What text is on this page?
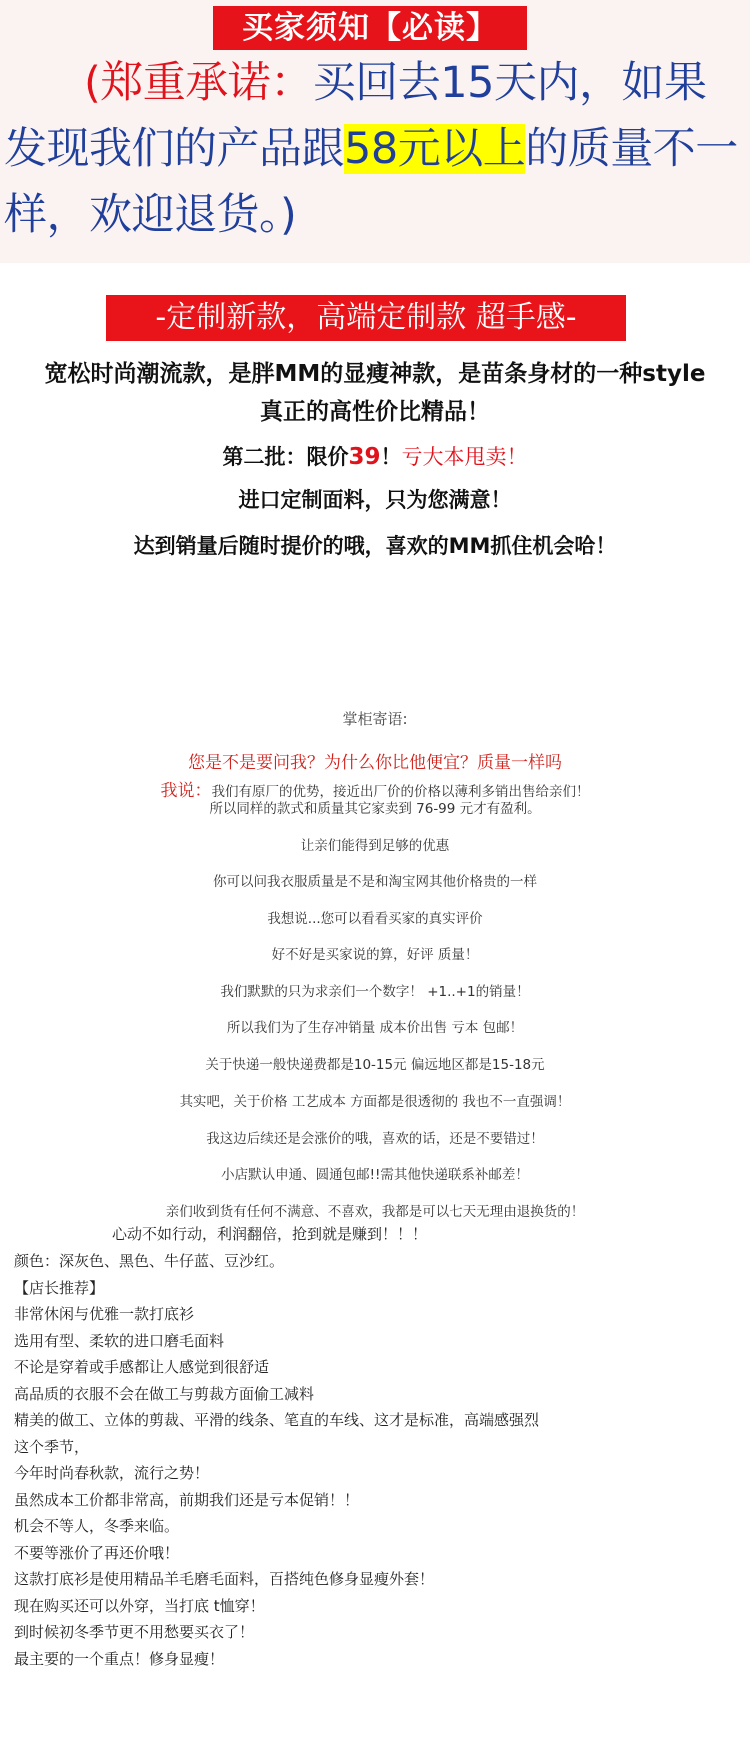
买家须知【必读】
(郑重承诺：买回去15天内，如果发现我们的产品跟58元以上的质量不一样，欢迎退货。)
-定制新款，高端定制款 超手感-
宽松时尚潮流款，是胖MM的显瘦神款，是苗条身材的一种style
真正的高性价比精品！
第二批：限价39！亏大本甩卖！
进口定制面料，只为您满意！
达到销量后随时提价的哦，喜欢的MM抓住机会哈！
掌柜寄语:
您是不是要问我？为什么你比他便宜？质量一样吗
我说：我们有原厂的优势，接近出厂价的价格以薄利多销出售给亲们！
所以同样的款式和质量其它家卖到 76-99 元才有盈利。
让亲们能得到足够的优惠
你可以问我衣服质量是不是和淘宝网其他价格贵的一样
我想说...您可以看看买家的真实评价
好不好是买家说的算，好评 质量！
我们默默的只为求亲们一个数字！ +1..+1的销量！
所以我们为了生存冲销量 成本价出售 亏本 包邮！
关于快递一般快递费都是10-15元 偏远地区都是15-18元
其实吧，关于价格 工艺成本 方面都是很透彻的 我也不一直强调！
我这边后续还是会涨价的哦，喜欢的话，还是不要错过！
小店默认申通、圆通包邮!!需其他快递联系补邮差！
亲们收到货有任何不满意、不喜欢，我都是可以七天无理由退换货的！
心动不如行动，利润翻倍，抢到就是赚到！！！
颜色：深灰色、黑色、牛仔蓝、豆沙红。
【店长推荐】
非常休闲与优雅一款打底衫
选用有型、柔软的进口磨毛面料
不论是穿着或手感都让人感觉到很舒适
高品质的衣服不会在做工与剪裁方面偷工减料
精美的做工、立体的剪裁、平滑的线条、笔直的车线、这才是标准，高端感强烈
这个季节，
今年时尚春秋款，流行之势！
虽然成本工价都非常高，前期我们还是亏本促销！！
机会不等人，冬季来临。
不要等涨价了再还价哦！
这款打底衫是使用精品羊毛磨毛面料，百搭纯色修身显瘦外套！
现在购买还可以外穿，当打底 t恤穿！
到时候初冬季节更不用愁要买衣了！
最主要的一个重点！修身显瘦！
